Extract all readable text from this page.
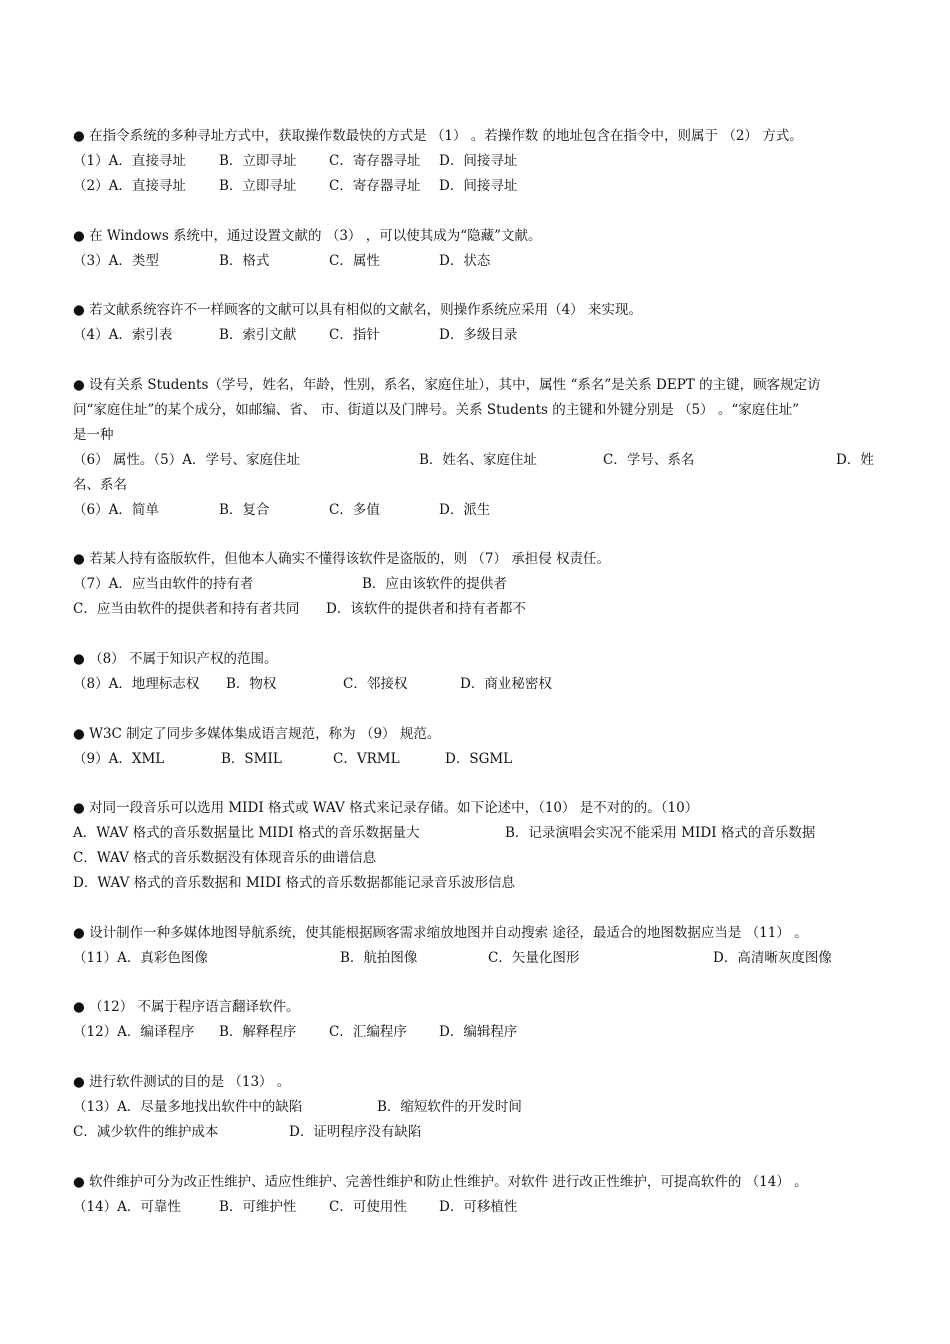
● 在指令系统的多种寻址方式中，获取操作数最快的方式是 （1） 。若操作数 的地址包含在指令中，则属于 （2） 方式。
（1）A．直接寻址 B．立即寻址 C．寄存器寻址 D．间接寻址
（2）A．直接寻址 B．立即寻址 C．寄存器寻址 D．间接寻址
● 在 Windows 系统中，通过设置文献的 （3） ，可以使其成为“隐藏”文献。
（3）A．类型	B．格式	C．属性	D．状态
● 若文献系统容许不一样顾客的文献可以具有相似的文献名，则操作系统应采用（4） 来实现。
（4）A．索引表	B．索引文献 C．指针	D．多级目录
● 设有关系 Students（学号，姓名，年龄，性别，系名，家庭住址），其中，属性 “系名”是关系 DEPT 的主键，顾客规定访
问“家庭住址”的某个成分，如邮编、省、 市、街道以及门牌号。关系 Students 的主键和外键分别是 （5） 。“家庭住址”
是一种
（6） 属性。（5）A．学号、家庭住址	B．姓名、家庭住址	C．学号、系名	D．姓
名、系名
（6）A．简单	B．复合	C．多值	D．派生
● 若某人持有盗版软件，但他本人确实不懂得该软件是盗版的，则 （7） 承担侵 权责任。
（7）A．应当由软件的持有者	B．应由该软件的提供者
C．应当由软件的提供者和持有者共同 D．该软件的提供者和持有者都不
● （8） 不属于知识产权的范围。
（8）A．地理标志权 B．物权	C．邻接权	D．商业秘密权
● W3C 制定了同步多媒体集成语言规范，称为 （9） 规范。
（9）A．XML	B．SMIL	C．VRML	D．SGML
● 对同一段音乐可以选用 MIDI 格式或 WAV 格式来记录存储。如下论述中，（10） 是不对的的。（10）
A．WAV 格式的音乐数据量比 MIDI 格式的音乐数据量大	B．记录演唱会实况不能采用 MIDI 格式的音乐数据
C．WAV 格式的音乐数据没有体现音乐的曲谱信息
D．WAV 格式的音乐数据和 MIDI 格式的音乐数据都能记录音乐波形信息
● 设计制作一种多媒体地图导航系统，使其能根据顾客需求缩放地图并自动搜索 途径，最适合的地图数据应当是 （11） 。
（11）A．真彩色图像	B．航拍图像	C．矢量化图形	D．高清晰灰度图像
● （12） 不属于程序语言翻译软件。
（12）A．编译程序 B．解释程序 C．汇编程序 D．编辑程序
● 进行软件测试的目的是 （13） 。
（13）A．尽量多地找出软件中的缺陷	B．缩短软件的开发时间
C．减少软件的维护成本	D．证明程序没有缺陷
● 软件维护可分为改正性维护、适应性维护、完善性维护和防止性维护。对软件 进行改正性维护，可提高软件的 （14） 。
（14）A．可靠性	B．可维护性 C．可使用性 D．可移植性
